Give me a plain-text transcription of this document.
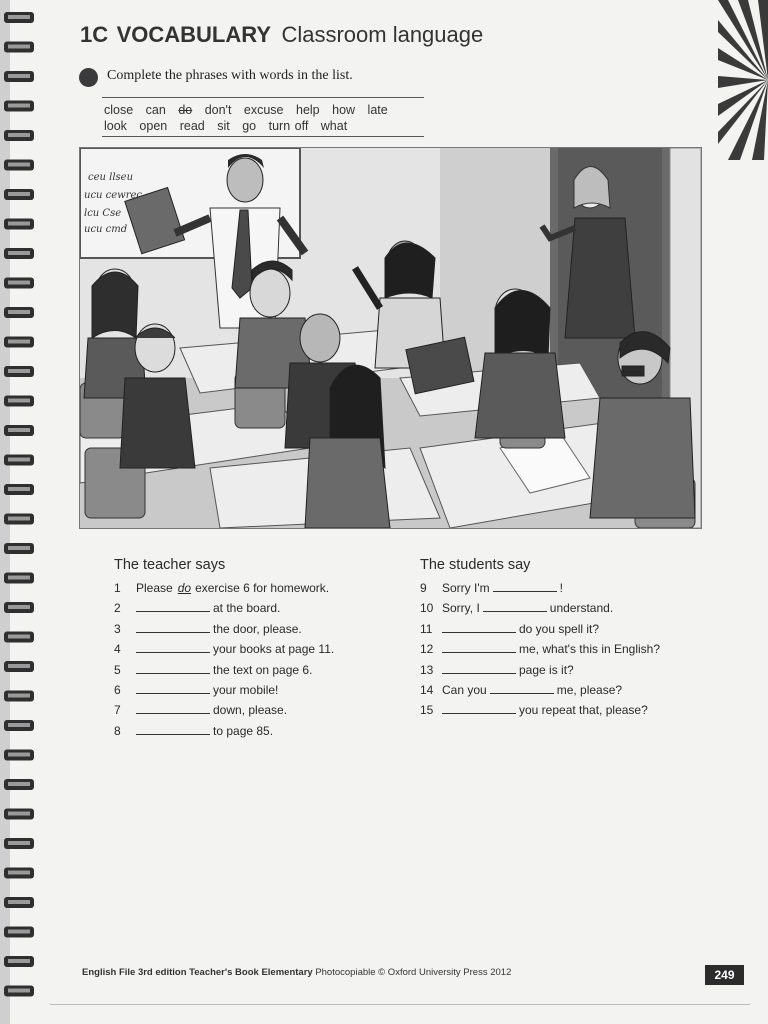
1C VOCABULARY Classroom language
Complete the phrases with words in the list.
close can do don't excuse help how late
look open read sit go turn off what
ceu llseu
ucu cewrec
lcu Cse
ucu cmd
The teacher says
1 Please do exercise 6 for homework.
2	at the board.
3	the door, please.
4	your books at page 11.
5	the text on page 6.
6	your mobile!
7	down, please.
8	to page 85.
The students say
9 Sorry I'm	!
10 Sorry, I	understand.
11	do you spell it?
12	me, what's this in English?
13	page is it?
14 Can you	me, please?
15	you repeat that, please?
English File 3rd edition Teacher's Book Elementary Photocopiable © Oxford University Press 2012	249
